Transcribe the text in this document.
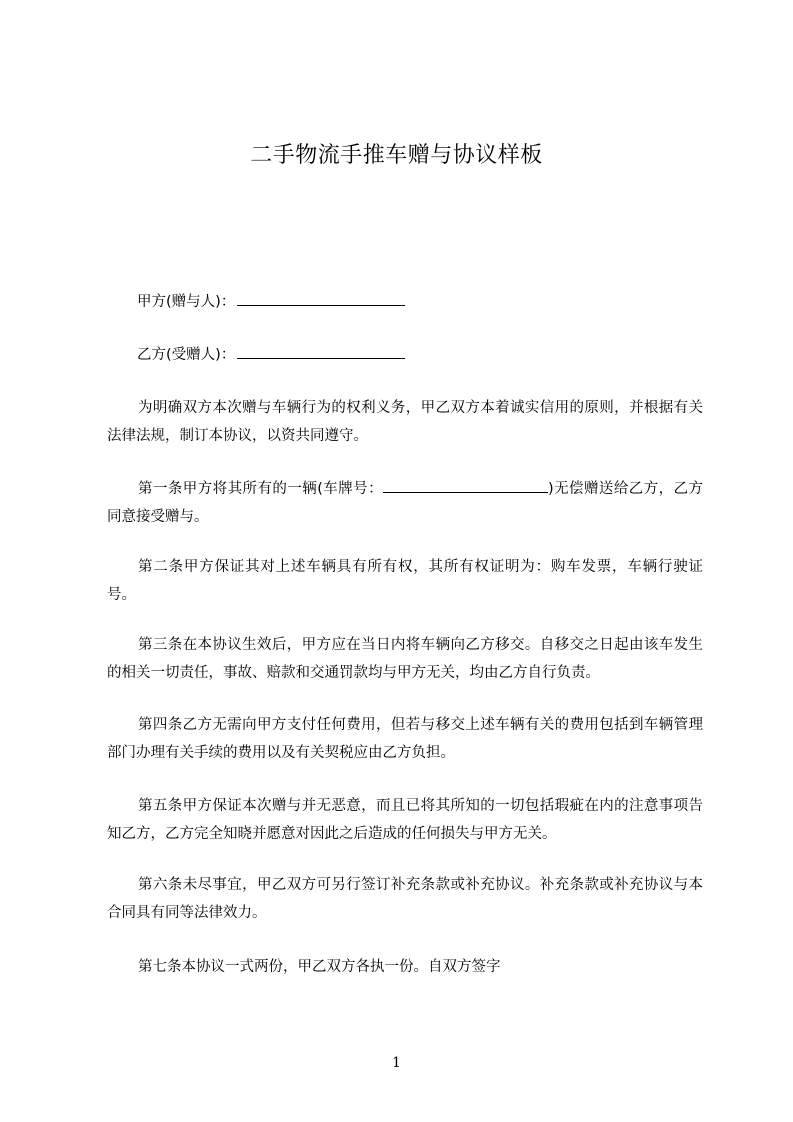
二手物流手推车赠与协议样板
甲方(赠与人)：
乙方(受赠人)：

为明确双方本次赠与车辆行为的权利义务，甲乙双方本着诚实信用的原则，并根据有关法律法规，制订本协议，以资共同遵守。

第一条甲方将其所有的一辆(车牌号：	)无偿赠送给乙方，乙方同意接受赠与。

第二条甲方保证其对上述车辆具有所有权，其所有权证明为：购车发票，车辆行驶证号。

第三条在本协议生效后，甲方应在当日内将车辆向乙方移交。自移交之日起由该车发生的相关一切责任，事故、赔款和交通罚款均与甲方无关，均由乙方自行负责。

第四条乙方无需向甲方支付任何费用，但若与移交上述车辆有关的费用包括到车辆管理部门办理有关手续的费用以及有关契税应由乙方负担。

第五条甲方保证本次赠与并无恶意，而且已将其所知的一切包括瑕疵在内的注意事项告知乙方，乙方完全知晓并愿意对因此之后造成的任何损失与甲方无关。

第六条未尽事宜，甲乙双方可另行签订补充条款或补充协议。补充条款或补充协议与本合同具有同等法律效力。

第七条本协议一式两份，甲乙双方各执一份。自双方签字

1
